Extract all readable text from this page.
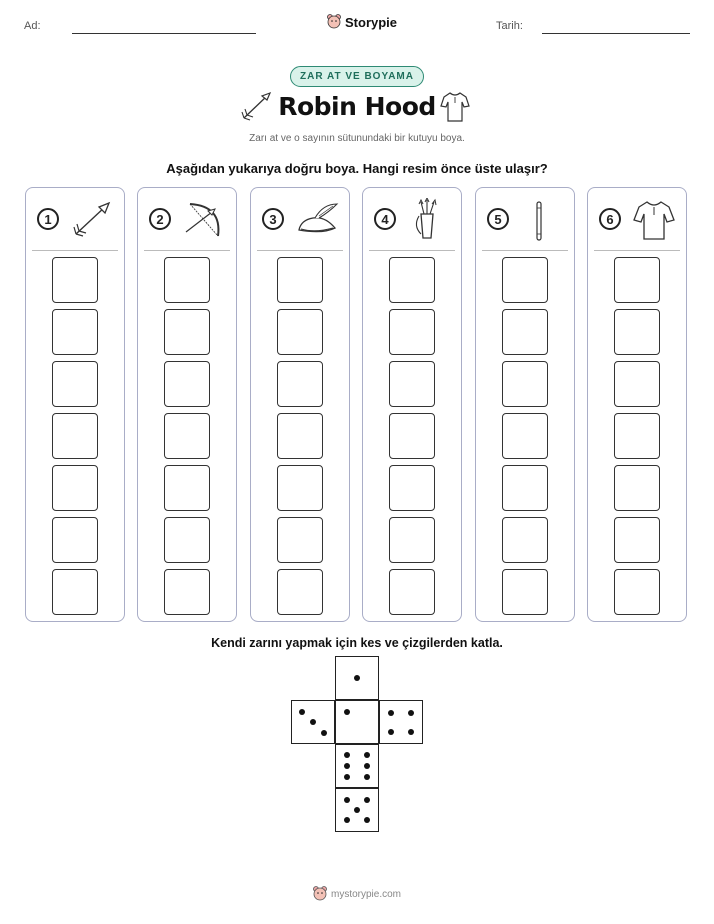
Ad:	Storypie	Tarih:
ZAR AT VE BOYAMA
Robin Hood
Zarı at ve o sayının sütunundaki bir kutuyu boya.
Aşağıdan yukarıya doğru boya. Hangi resim önce üste ulaşır?
1	2	3	4	5	6
Kendi zarını yapmak için kes ve çizgilerden katla.
mystorypie.com
